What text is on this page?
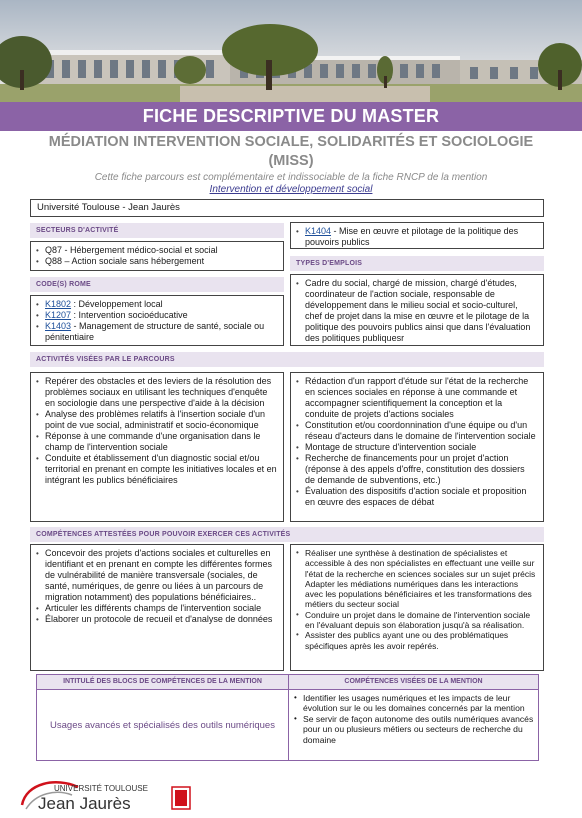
FICHE DESCRIPTIVE DU MASTER
MÉDIATION INTERVENTION SOCIALE, SOLIDARITÉS ET SOCIOLOGIE
(MISS)
Cette fiche parcours est complémentaire et indissociable de la fiche RNCP de la mention
Intervention et développement social
Université Toulouse - Jean Jaurès
SECTEURS D'ACTIVITÉ
• Q87 - Hébergement médico-social et social
• Q88 – Action sociale sans hébergement
CODE(S) ROME
• K1802 : Développement local
• K1207 : Intervention socioéducative
• K1403 - Management de structure de santé, sociale ou pénitentiaire
• K1404 - Mise en œuvre et pilotage de la politique des pouvoirs publics
TYPES D'EMPLOIS
• Cadre du social, chargé de mission, chargé d'études, coordinateur de l'action sociale, responsable de développement dans le milieu social et socio-culturel, chef de projet dans la mise en œuvre et le pilotage de la politique des pouvoirs publics ainsi que dans l'évaluation des politiques publiquesr
ACTIVITÉS VISÉES PAR LE PARCOURS
• Repérer des obstacles et des leviers de la résolution des problèmes sociaux en utilisant les techniques d'enquête en sociologie dans une perspective d'aide à la décision
• Analyse des problèmes relatifs à l'insertion sociale d'un point de vue social, administratif et socio-économique
• Réponse à une commande d'une organisation dans le champ de l'intervention sociale
• Conduite et établissement d'un diagnostic social et/ou territorial en prenant en compte les initiatives locales et en intégrant les publics bénéficiaires
• Rédaction d'un rapport d'étude sur l'état de la recherche en sciences sociales en réponse à une commande et accompagner scientifiquement la conception et la conduite de projets d'actions sociales
• Constitution et/ou coordonnination d'une équipe ou d'un réseau d'acteurs dans le domaine de l'intervention sociale
• Montage de structure d'intervention sociale
• Recherche de financements pour un projet d'action (réponse à des appels d'offre, constitution des dossiers de demande de subventions, etc.)
• Évaluation des dispositifs d'action sociale et proposition en œuvre des espaces de débat
COMPÉTENCES ATTESTÉES POUR POUVOIR EXERCER CES ACTIVITÉS
• Concevoir des projets d'actions sociales et culturelles en identifiant et en prenant en compte les différentes formes de vulnérabilité de manière transversale (sociales, de santé, numériques, de genre ou liées à un parcours de migration notamment) des populations bénéficiaires..
• Articuler les différents champs de l'intervention sociale
• Élaborer un protocole de recueil et d'analyse de données
• Réaliser une synthèse à destination de spécialistes et accessible à des non spécialistes en effectuant une veille sur l'état de la recherche en sciences sociales sur un sujet précis Adapter les médiations numériques dans les interactions avec les populations bénéficiaires et les transformations des métiers du secteur social
• Conduire un projet dans le domaine de l'intervention sociale en l'évaluant depuis son élaboration jusqu'à sa réalisation.
• Assister des publics ayant une ou des problématiques spécifiques après les avoir repérés.
INTITULÉ DES BLOCS DE COMPÉTENCES DE LA MENTION	COMPÉTENCES VISÉES DE LA MENTION
Usages avancés et spécialisés des outils numériques
• Identifier les usages numériques et les impacts de leur évolution sur le ou les domaines concernés par la mention
• Se servir de façon autonome des outils numériques avancés pour un ou plusieurs métiers ou secteurs de recherche du domaine
UNIVERSITÉ TOULOUSE
Jean Jaurès
